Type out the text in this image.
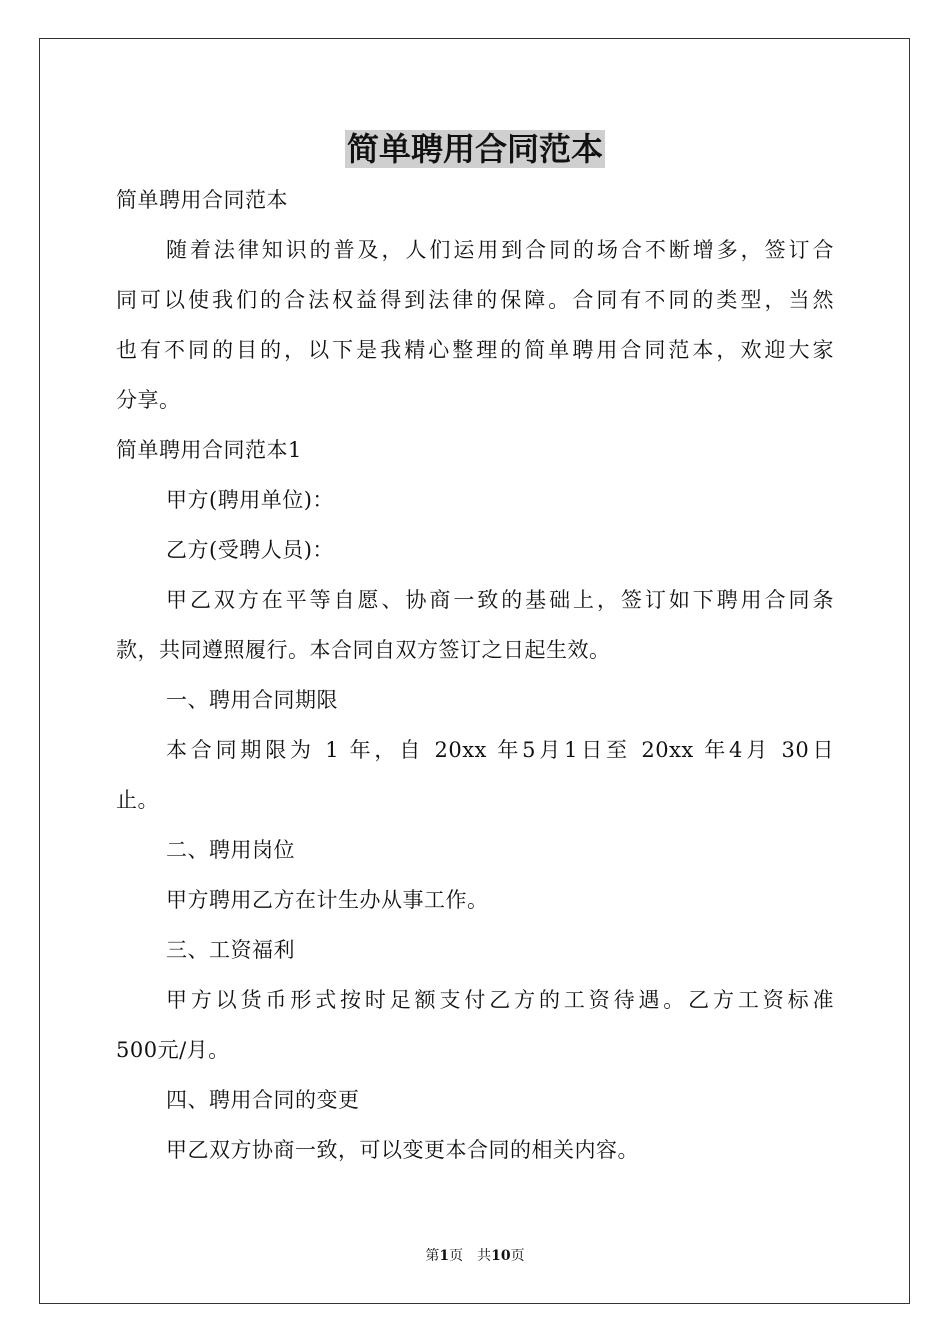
简单聘用合同范本

简单聘用合同范本

随着法律知识的普及，人们运用到合同的场合不断增多，签订合

同可以使我们的合法权益得到法律的保障。合同有不同的类型，当然

也有不同的目的，以下是我精心整理的简单聘用合同范本，欢迎大家

分享。

简单聘用合同范本1

甲方(聘用单位)：

乙方(受聘人员)：

甲乙双方在平等自愿、协商一致的基础上，签订如下聘用合同条

款，共同遵照履行。本合同自双方签订之日起生效。

一、聘用合同期限

本合同期限为 1 年，自 20xx 年5月1日至 20xx 年4月 30日

止。

二、聘用岗位

甲方聘用乙方在计生办从事工作。

三、工资福利

甲方以货币形式按时足额支付乙方的工资待遇。乙方工资标准

500元/月。

四、聘用合同的变更

甲乙双方协商一致，可以变更本合同的相关内容。

第1页 共10页
